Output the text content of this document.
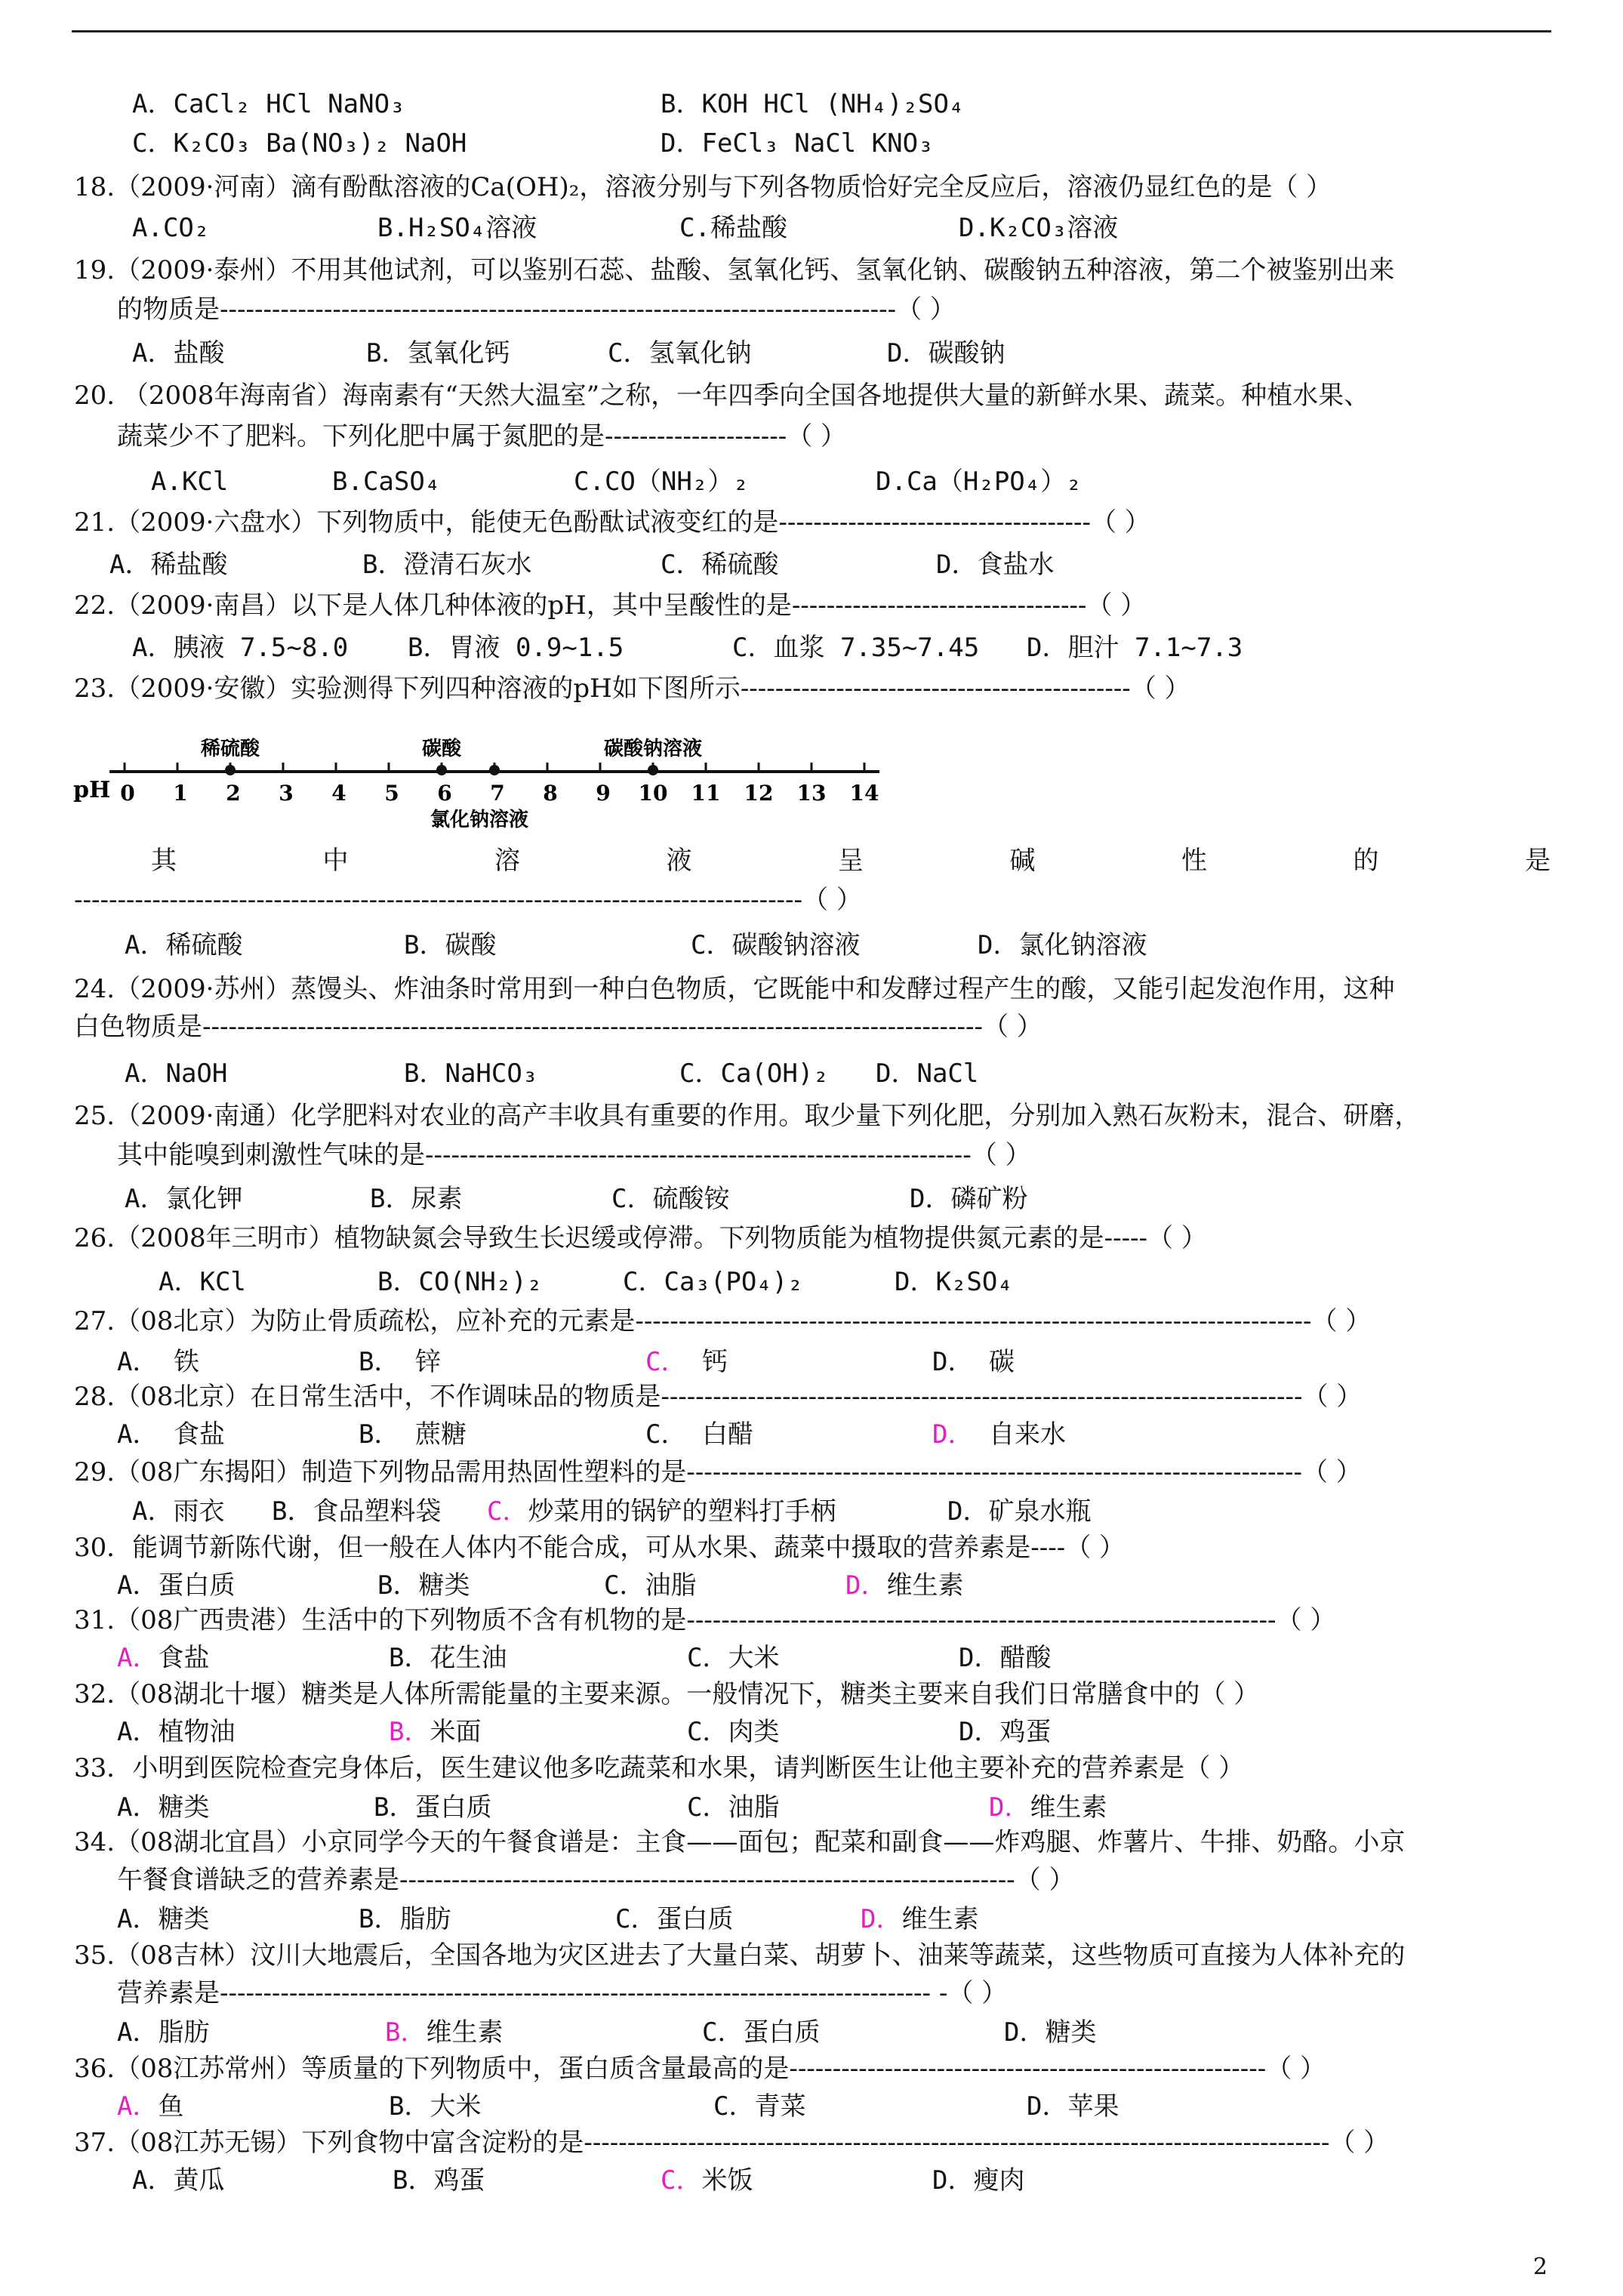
A．CaCl₂ HCl NaNO₃	B．KOH HCl (NH₄)₂SO₄
C．K₂CO₃ Ba(NO₃)₂ NaOH	D．FeCl₃ NaCl KNO₃
18.（2009·河南）滴有酚酞溶液的Ca(OH)₂，溶液分别与下列各物质恰好完全反应后，溶液仍显红色的是（ ）
A.CO₂	B.H₂SO₄溶液	C.稀盐酸	D.K₂CO₃溶液
19.（2009·泰州）不用其他试剂，可以鉴别石蕊、盐酸、氢氧化钙、氢氧化钠、碳酸钠五种溶液，第二个被鉴别出来
的物质是------------------------------------------------------------------------------（ ）
A．盐酸	B．氢氧化钙	C．氢氧化钠	D．碳酸钠
20. （2008年海南省）海南素有“天然大温室”之称，一年四季向全国各地提供大量的新鲜水果、蔬菜。种植水果、
蔬菜少不了肥料。下列化肥中属于氮肥的是---------------------（ ）
A.KCl	B.CaSO₄	C.CO（NH₂）₂	D.Ca（H₂PO₄）₂
21.（2009·六盘水）下列物质中，能使无色酚酞试液变红的是------------------------------------（ ）
A．稀盐酸	B．澄清石灰水	C．稀硫酸	D．食盐水
22.（2009·南昌）以下是人体几种体液的pH，其中呈酸性的是----------------------------------（ ）
A．胰液 7.5~8.0 B．胃液 0.9~1.5	C．血浆 7.35~7.45 D．胆汁 7.1~7.3
23.（2009·安徽）实验测得下列四种溶液的pH如下图所示---------------------------------------------（ ）
其	中	溶	液	呈	碱	性	的	是
------------------------------------------------------------------------------------（ ）
A．稀硫酸	B．碳酸	C．碳酸钠溶液	D．氯化钠溶液
24.（2009·苏州）蒸馒头、炸油条时常用到一种白色物质，它既能中和发酵过程产生的酸，又能引起发泡作用，这种
白色物质是------------------------------------------------------------------------------------------（ ）
A．NaOH	B．NaHCO₃	C．Ca(OH)₂ D．NaCl
25.（2009·南通）化学肥料对农业的高产丰收具有重要的作用。取少量下列化肥，分别加入熟石灰粉末，混合、研磨，
其中能嗅到刺激性气味的是---------------------------------------------------------------（ ）
A．氯化钾	B．尿素	C．硫酸铵	D．磷矿粉
26.（2008年三明市）植物缺氮会导致生长迟缓或停滞。下列物质能为植物提供氮元素的是-----（ ）
A．KCl	B．CO(NH₂)₂	C．Ca₃(PO₄)₂	D．K₂SO₄
27.（08北京）为防止骨质疏松，应补充的元素是------------------------------------------------------------------------------（ ）
A． 铁	B． 锌	C． 钙	D． 碳
28.（08北京）在日常生活中，不作调味品的物质是--------------------------------------------------------------------------（ ）
A． 食盐	B． 蔗糖	C． 白醋	D． 自来水
29.（08广东揭阳）制造下列物品需用热固性塑料的是-----------------------------------------------------------------------（ ）
A．雨衣 B．食品塑料袋 C．炒菜用的锅铲的塑料打手柄	D．矿泉水瓶
30．能调节新陈代谢，但一般在人体内不能合成，可从水果、蔬菜中摄取的营养素是----（ ）
A．蛋白质	B．糖类	C．油脂	D．维生素
31.（08广西贵港）生活中的下列物质不含有机物的是--------------------------------------------------------------------（ ）
A．食盐	B．花生油	C．大米	D．醋酸
32.（08湖北十堰）糖类是人体所需能量的主要来源。一般情况下，糖类主要来自我们日常膳食中的（ ）
A．植物油	B．米面	C．肉类	D．鸡蛋
33．小明到医院检查完身体后，医生建议他多吃蔬菜和水果，请判断医生让他主要补充的营养素是（ ）
A．糖类	B．蛋白质	C．油脂	D．维生素
34.（08湖北宜昌）小京同学今天的午餐食谱是：主食——面包；配菜和副食——炸鸡腿、炸薯片、牛排、奶酪。小京
午餐食谱缺乏的营养素是-----------------------------------------------------------------------（ ）
A．糖类	B．脂肪	C．蛋白质	D．维生素
35.（08吉林）汶川大地震后，全国各地为灾区进去了大量白菜、胡萝卜、油莱等蔬菜，这些物质可直接为人体补充的
营养素是---------------------------------------------------------------------------------- -（ ）
A．脂肪	B．维生素	C．蛋白质	D．糖类
36.（08江苏常州）等质量的下列物质中，蛋白质含量最高的是-------------------------------------------------------（ ）
A．鱼	B．大米	C．青菜	D．苹果
37.（08江苏无锡）下列食物中富含淀粉的是--------------------------------------------------------------------------------------（ ）
A．黄瓜	B．鸡蛋	C．米饭	D．瘦肉
pH 0 1 2 3 4 5 6 7 8 9 10 11 12 13 14
稀硫酸	碳酸
氯化钠溶液
碳酸钠溶液
2
